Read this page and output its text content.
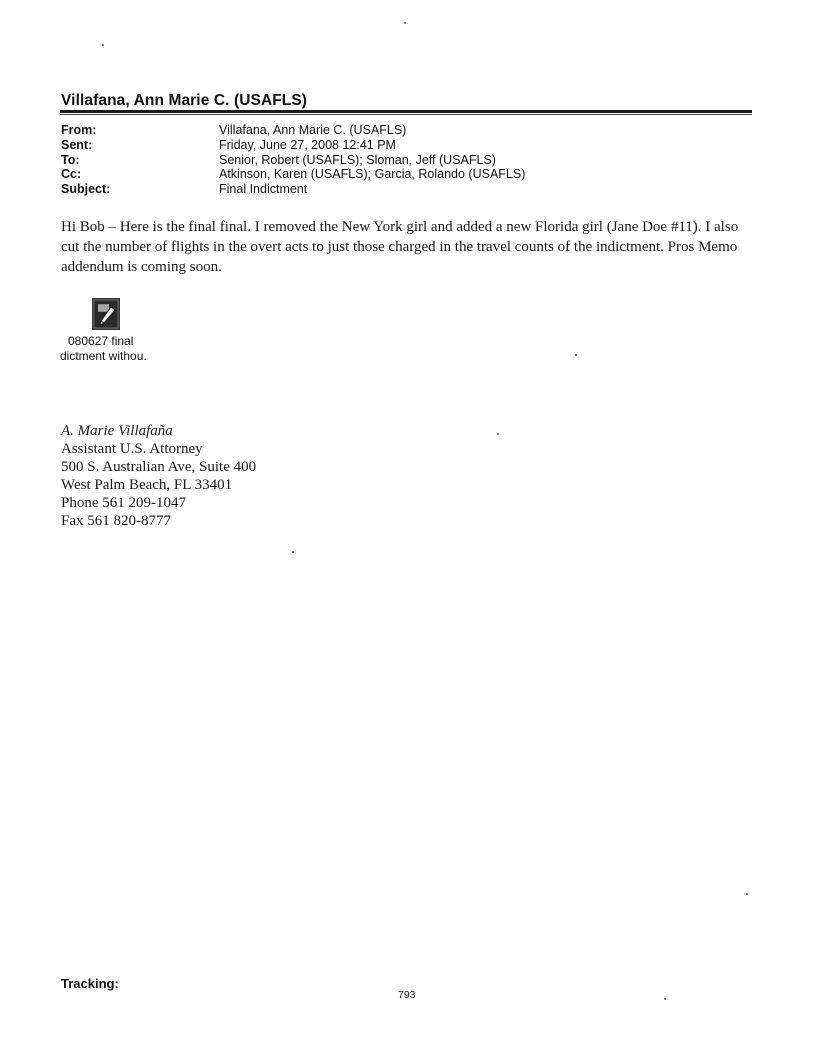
Villafana, Ann Marie C. (USAFLS)
From:	Villafana, Ann Marie C. (USAFLS)
Sent:	Friday, June 27, 2008 12:41 PM
To:	Senior, Robert (USAFLS); Sloman, Jeff (USAFLS)
Cc:	Atkinson, Karen (USAFLS); Garcia, Rolando (USAFLS)
Subject:	Final Indictment
Hi Bob – Here is the final final. I removed the New York girl and added a new Florida girl (Jane Doe #11). I also cut the number of flights in the overt acts to just those charged in the travel counts of the indictment. Pros Memo addendum is coming soon.
080627 final
dictment withou.
A. Marie Villafaña
Assistant U.S. Attorney
500 S. Australian Ave, Suite 400
West Palm Beach, FL 33401
Phone 561 209-1047
Fax 561 820-8777
Tracking:
793
